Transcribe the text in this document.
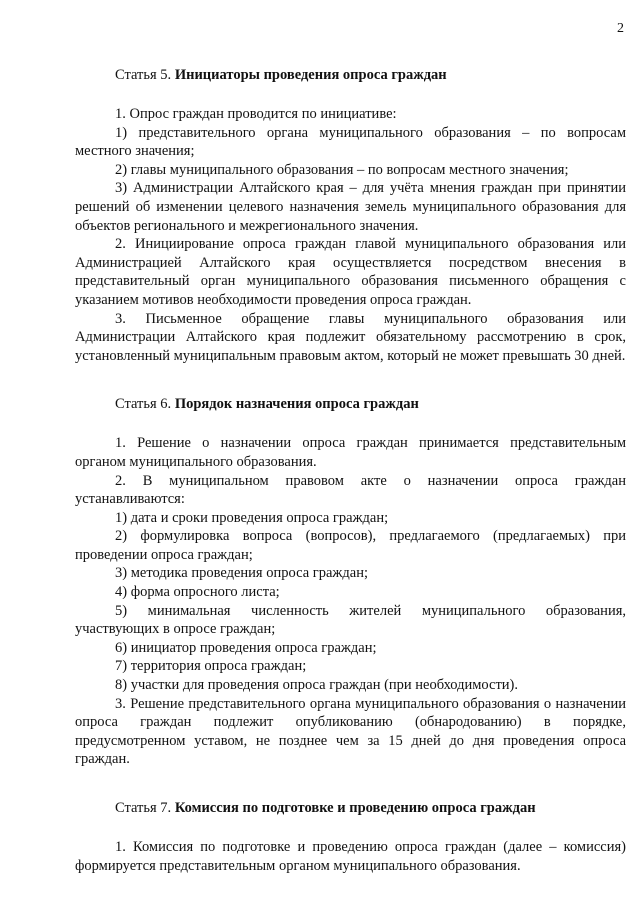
2
Статья 5. Инициаторы проведения опроса граждан

1. Опрос граждан проводится по инициативе:

1) представительного органа муниципального образования – по вопросам местного значения;

2) главы муниципального образования – по вопросам местного значения;

3) Администрации Алтайского края – для учёта мнения граждан при принятии решений об изменении целевого назначения земель муниципального образования для объектов регионального и межрегионального значения.

2. Инициирование опроса граждан главой муниципального образования или Администрацией Алтайского края осуществляется посредством внесения в представительный орган муниципального образования письменного обращения с указанием мотивов необходимости проведения опроса граждан.

3. Письменное обращение главы муниципального образования или Администрации Алтайского края подлежит обязательному рассмотрению в срок, установленный муниципальным правовым актом, который не может превышать 30 дней.

Статья 6. Порядок назначения опроса граждан

1. Решение о назначении опроса граждан принимается представительным органом муниципального образования.

2. В муниципальном правовом акте о назначении опроса граждан устанавливаются:

1) дата и сроки проведения опроса граждан;

2) формулировка вопроса (вопросов), предлагаемого (предлагаемых) при проведении опроса граждан;

3) методика проведения опроса граждан;

4) форма опросного листа;

5) минимальная численность жителей муниципального образования, участвующих в опросе граждан;

6) инициатор проведения опроса граждан;

7) территория опроса граждан;

8) участки для проведения опроса граждан (при необходимости).

3. Решение представительного органа муниципального образования о назначении опроса граждан подлежит опубликованию (обнародованию) в порядке, предусмотренном уставом, не позднее чем за 15 дней до дня проведения опроса граждан.

Статья 7. Комиссия по подготовке и проведению опроса граждан

1. Комиссия по подготовке и проведению опроса граждан (далее – комиссия) формируется представительным органом муниципального образования.
